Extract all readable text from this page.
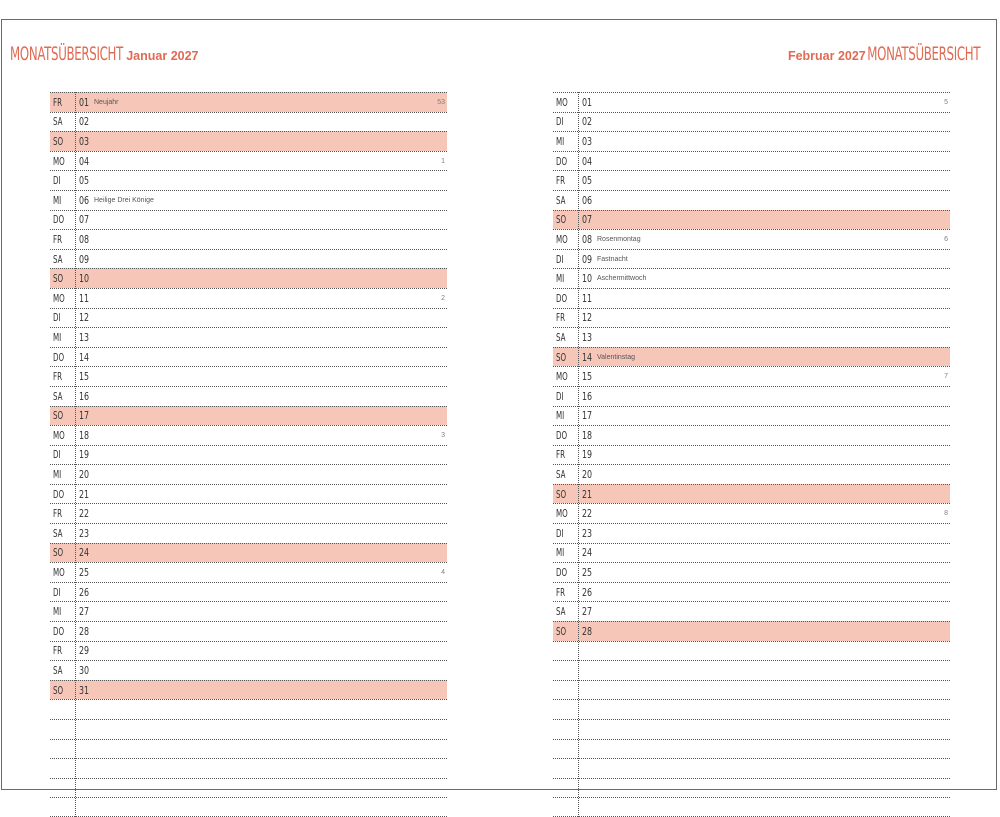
MONATSÜBERSICHT Januar 2027	Februar 2027 MONATSÜBERSICHT
FR 01 Neujahr	53
SA 02
SO 03
MO 04	1
DI 05
MI 06 Heilige Drei Könige
DO 07
FR 08
SA 09
SO 10
MO 11	2
DI 12
MI 13
DO 14
FR 15
SA 16
SO 17
MO 18	3
DI 19
MI 20
DO 21
FR 22
SA 23
SO 24
MO 25	4
DI 26
MI 27
DO 28
FR 29
SA 30
SO 31
MO 01	5
DI 02
MI 03
DO 04
FR 05
SA 06
SO 07
MO 08 Rosenmontag	6
DI 09 Fastnacht
MI 10 Aschermittwoch
DO 11
FR 12
SA 13
SO 14 Valentinstag
MO 15	7
DI 16
MI 17
DO 18
FR 19
SA 20
SO 21
MO 22	8
DI 23
MI 24
DO 25
FR 26
SA 27
SO 28
